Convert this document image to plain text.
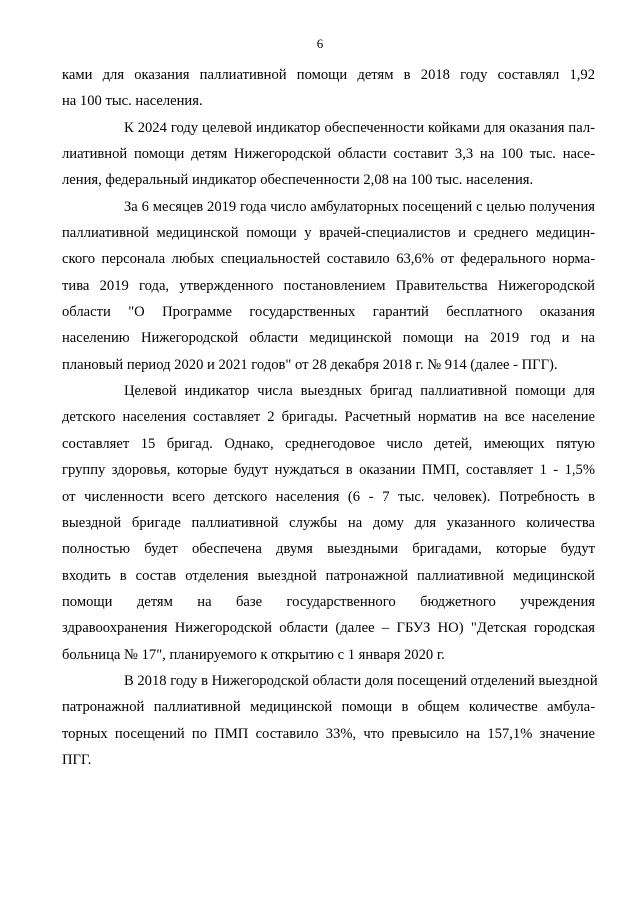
6

ками для оказания паллиативной помощи детям в 2018 году составлял 1,92
на 100 тыс. населения.

К 2024 году целевой индикатор обеспеченности койками для оказания пал-
лиативной помощи детям Нижегородской области составит 3,3 на 100 тыс. насе-
ления, федеральный индикатор обеспеченности 2,08 на 100 тыс. населения.

За 6 месяцев 2019 года число амбулаторных посещений с целью получения
паллиативной медицинской помощи у врачей-специалистов и среднего медицин-
ского персонала любых специальностей составило 63,6% от федерального норма-
тива 2019 года, утвержденного постановлением Правительства Нижегородской
области "О Программе государственных гарантий бесплатного оказания
населению Нижегородской области медицинской помощи на 2019 год и на
плановый период 2020 и 2021 годов" от 28 декабря 2018 г. № 914 (далее - ПГГ).

Целевой индикатор числа выездных бригад паллиативной помощи для
детского населения составляет 2 бригады. Расчетный норматив на все население
составляет 15 бригад. Однако, среднегодовое число детей, имеющих пятую
группу здоровья, которые будут нуждаться в оказании ПМП, составляет 1 - 1,5%
от численности всего детского населения (6 - 7 тыс. человек). Потребность в
выездной бригаде паллиативной службы на дому для указанного количества
полностью будет обеспечена двумя выездными бригадами, которые будут
входить в состав отделения выездной патронажной паллиативной медицинской
помощи детям на базе государственного бюджетного учреждения
здравоохранения Нижегородской области (далее – ГБУЗ НО) "Детская городская
больница № 17", планируемого к открытию с 1 января 2020 г.

В 2018 году в Нижегородской области доля посещений отделений выездной
патронажной паллиативной медицинской помощи в общем количестве амбула-
торных посещений по ПМП составило 33%, что превысило на 157,1% значение
ПГГ.
